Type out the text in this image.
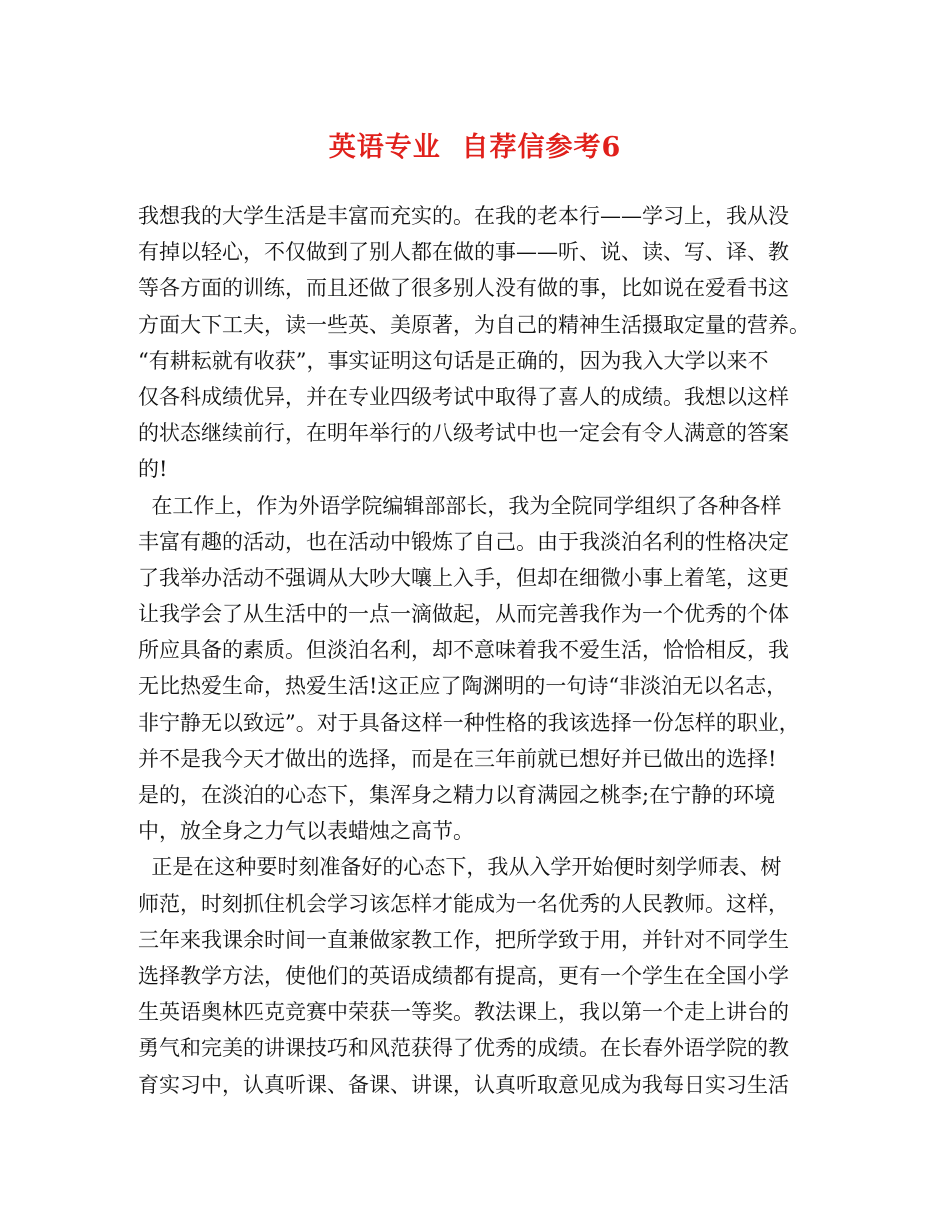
英语专业  自荐信参考6
我想我的大学生活是丰富而充实的。在我的老本行——学习上，我从没
有掉以轻心，不仅做到了别人都在做的事——听、说、读、写、译、教
等各方面的训练，而且还做了很多别人没有做的事，比如说在爱看书这
方面大下工夫，读一些英、美原著，为自己的精神生活摄取定量的营养。
“有耕耘就有收获”，事实证明这句话是正确的，因为我入大学以来不
仅各科成绩优异，并在专业四级考试中取得了喜人的成绩。我想以这样
的状态继续前行，在明年举行的八级考试中也一定会有令人满意的答案
的!
在工作上，作为外语学院编辑部部长，我为全院同学组织了各种各样
丰富有趣的活动，也在活动中锻炼了自己。由于我淡泊名利的性格决定
了我举办活动不强调从大吵大嚷上入手，但却在细微小事上着笔，这更
让我学会了从生活中的一点一滴做起，从而完善我作为一个优秀的个体
所应具备的素质。但淡泊名利，却不意味着我不爱生活，恰恰相反，我
无比热爱生命，热爱生活!这正应了陶渊明的一句诗“非淡泊无以名志，
非宁静无以致远”。对于具备这样一种性格的我该选择一份怎样的职业，
并不是我今天才做出的选择，而是在三年前就已想好并已做出的选择!
是的，在淡泊的心态下，集浑身之精力以育满园之桃李;在宁静的环境
中，放全身之力气以表蜡烛之高节。
正是在这种要时刻准备好的心态下，我从入学开始便时刻学师表、树
师范，时刻抓住机会学习该怎样才能成为一名优秀的人民教师。这样，
三年来我课余时间一直兼做家教工作，把所学致于用，并针对不同学生
选择教学方法，使他们的英语成绩都有提高，更有一个学生在全国小学
生英语奥林匹克竞赛中荣获一等奖。教法课上，我以第一个走上讲台的
勇气和完美的讲课技巧和风范获得了优秀的成绩。在长春外语学院的教
育实习中，认真听课、备课、讲课，认真听取意见成为我每日实习生活
